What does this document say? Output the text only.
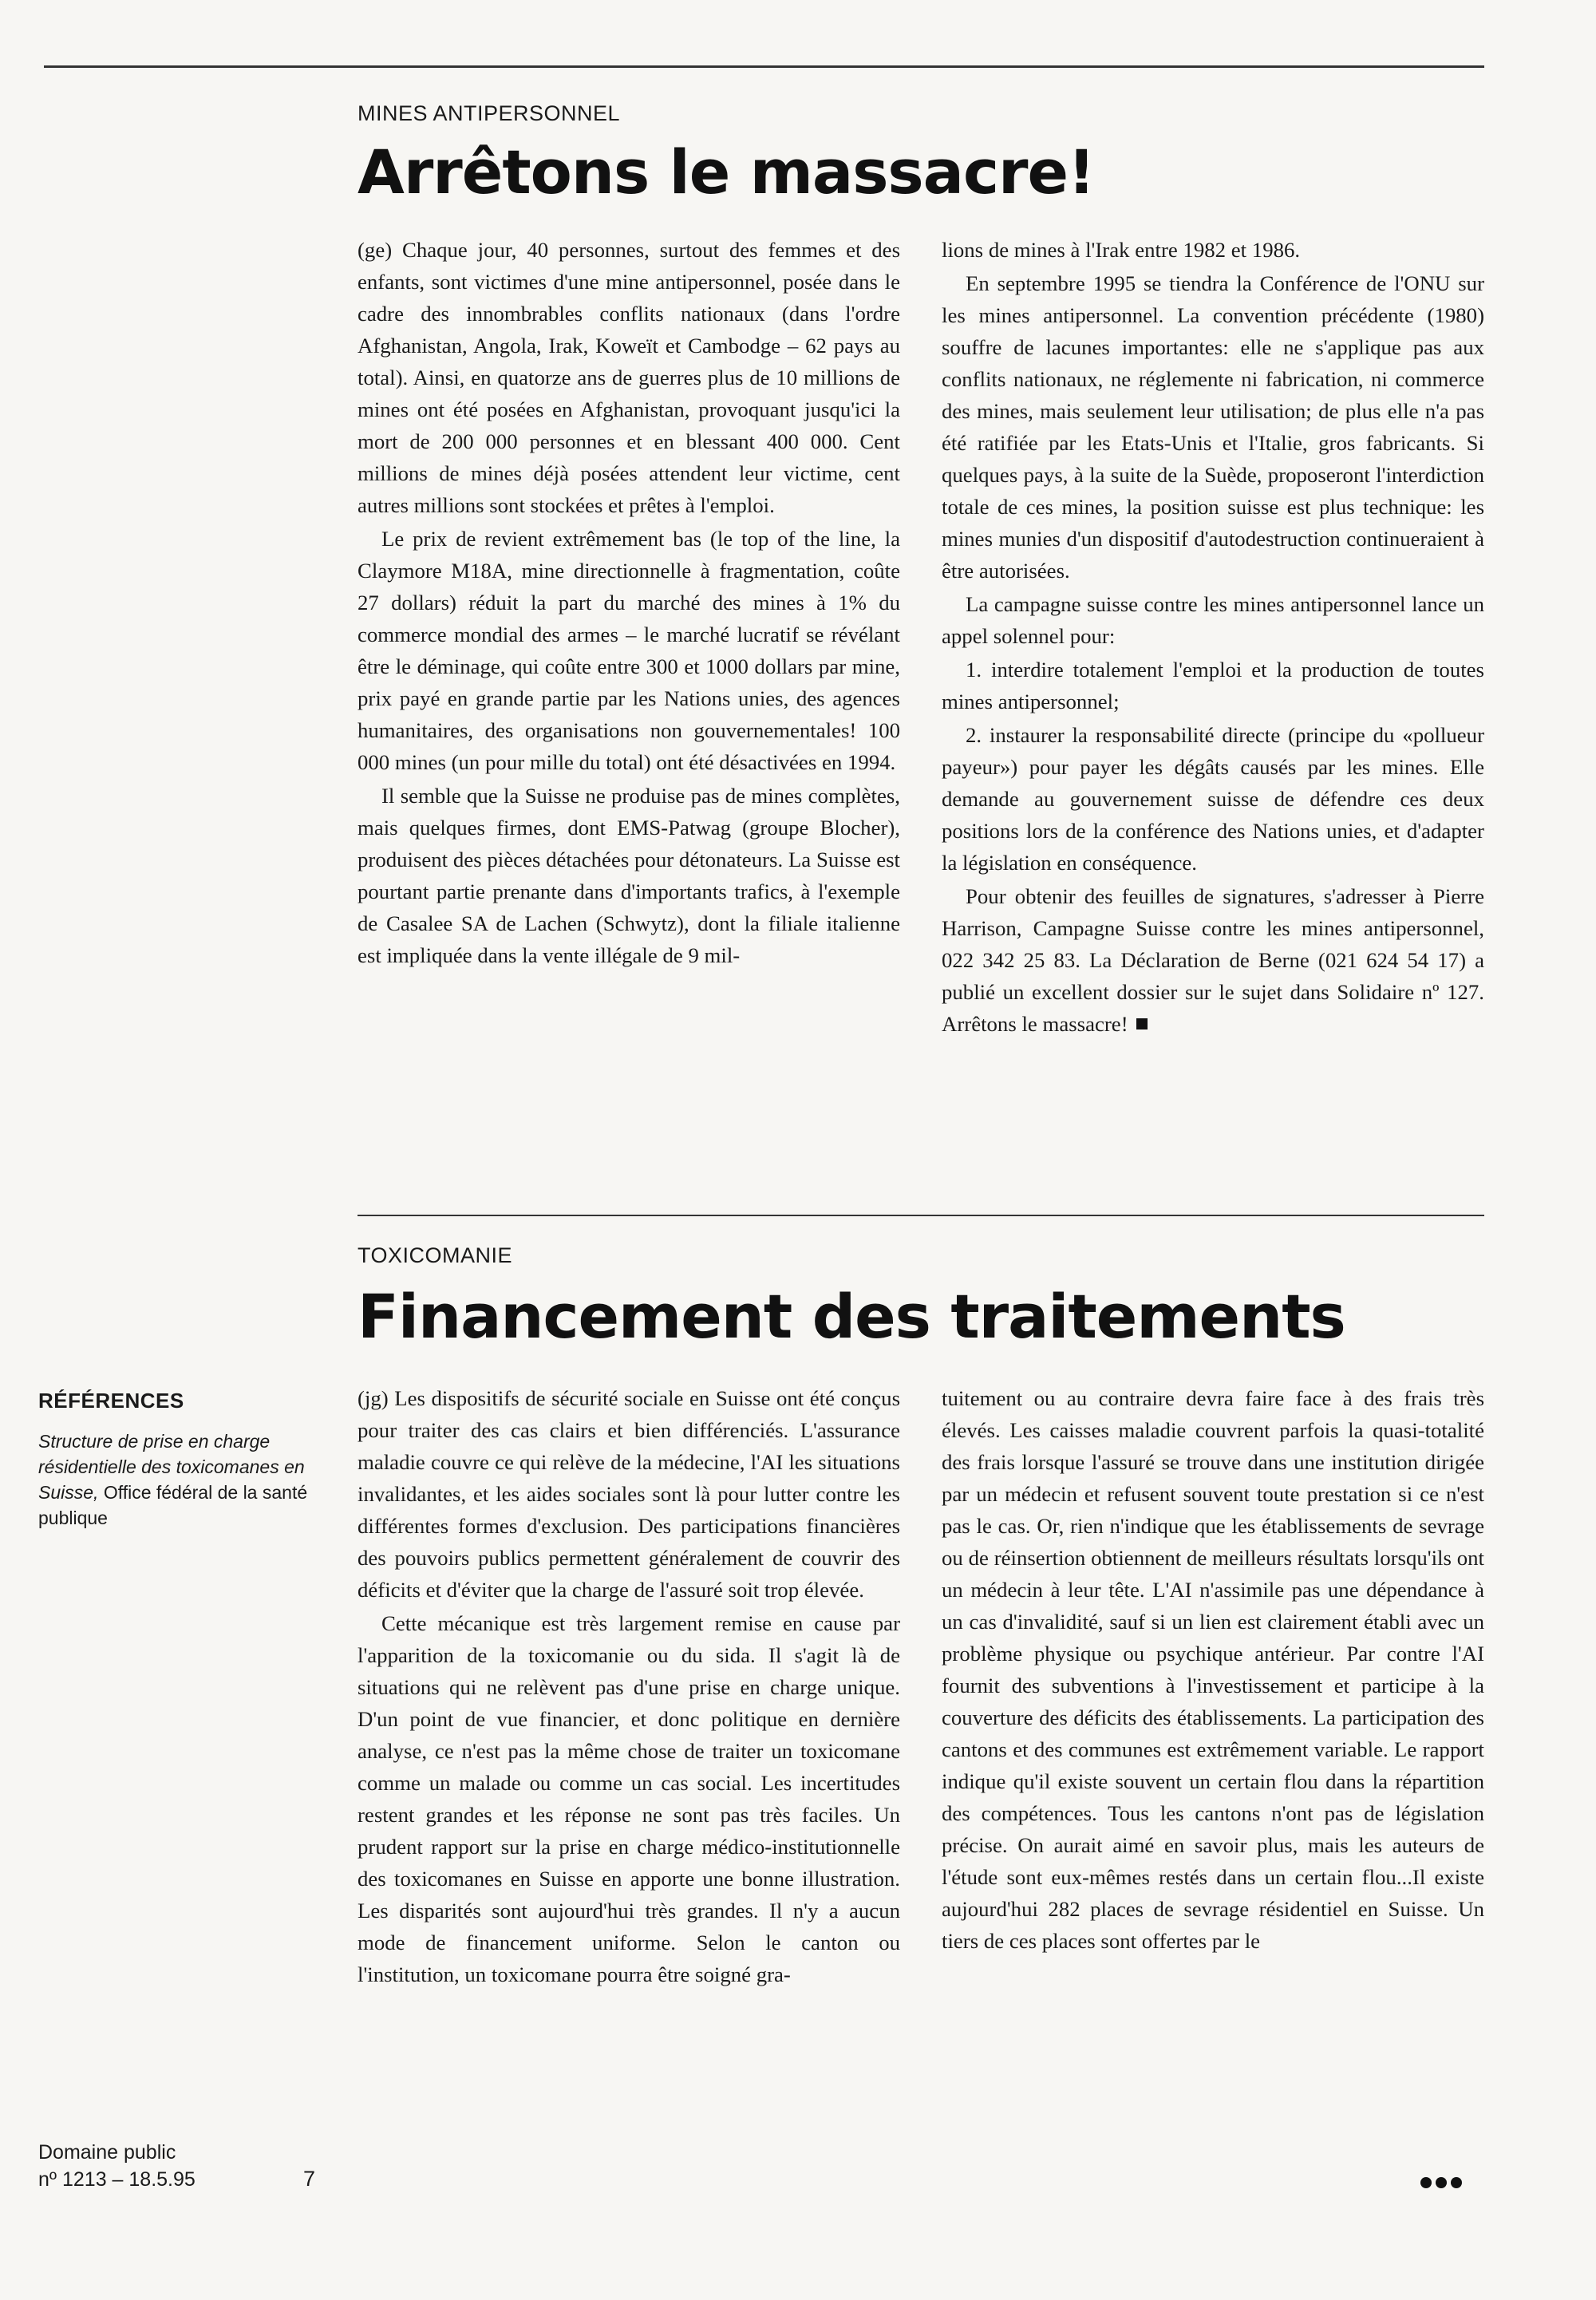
MINES ANTIPERSONNEL
Arrêtons le massacre!

(ge) Chaque jour, 40 personnes, surtout des femmes et des enfants, sont victimes d'une mine antipersonnel, posée dans le cadre des innombrables conflits nationaux (dans l'ordre Afghanistan, Angola, Irak, Koweït et Cambodge – 62 pays au total). Ainsi, en quatorze ans de guerres plus de 10 millions de mines ont été posées en Afghanistan, provoquant jusqu'ici la mort de 200 000 personnes et en blessant 400 000. Cent millions de mines déjà posées attendent leur victime, cent autres millions sont stockées et prêtes à l'emploi.

Le prix de revient extrêmement bas (le top of the line, la Claymore M18A, mine directionnelle à fragmentation, coûte 27 dollars) réduit la part du marché des mines à 1% du commerce mondial des armes – le marché lucratif se révélant être le déminage, qui coûte entre 300 et 1000 dollars par mine, prix payé en grande partie par les Nations unies, des agences humanitaires, des organisations non gouvernementales! 100 000 mines (un pour mille du total) ont été désactivées en 1994.

Il semble que la Suisse ne produise pas de mines complètes, mais quelques firmes, dont EMS-Patwag (groupe Blocher), produisent des pièces détachées pour détonateurs. La Suisse est pourtant partie prenante dans d'importants trafics, à l'exemple de Casalee SA de Lachen (Schwytz), dont la filiale italienne est impliquée dans la vente illégale de 9 mil-

lions de mines à l'Irak entre 1982 et 1986.

En septembre 1995 se tiendra la Conférence de l'ONU sur les mines antipersonnel. La convention précédente (1980) souffre de lacunes importantes: elle ne s'applique pas aux conflits nationaux, ne réglemente ni fabrication, ni commerce des mines, mais seulement leur utilisation; de plus elle n'a pas été ratifiée par les Etats-Unis et l'Italie, gros fabricants. Si quelques pays, à la suite de la Suède, proposeront l'interdiction totale de ces mines, la position suisse est plus technique: les mines munies d'un dispositif d'autodestruction continueraient à être autorisées.

La campagne suisse contre les mines antipersonnel lance un appel solennel pour:

1. interdire totalement l'emploi et la production de toutes mines antipersonnel;

2. instaurer la responsabilité directe (principe du «pollueur payeur») pour payer les dégâts causés par les mines. Elle demande au gouvernement suisse de défendre ces deux positions lors de la conférence des Nations unies, et d'adapter la législation en conséquence.

Pour obtenir des feuilles de signatures, s'adresser à Pierre Harrison, Campagne Suisse contre les mines antipersonnel, 022 342 25 83. La Déclaration de Berne (021 624 54 17) a publié un excellent dossier sur le sujet dans Solidaire nº 127. Arrêtons le massacre!

TOXICOMANIE
Financement des traitements

(jg) Les dispositifs de sécurité sociale en Suisse ont été conçus pour traiter des cas clairs et bien différenciés. L'assurance maladie couvre ce qui relève de la médecine, l'AI les situations invalidantes, et les aides sociales sont là pour lutter contre les différentes formes d'exclusion. Des participations financières des pouvoirs publics permettent généralement de couvrir des déficits et d'éviter que la charge de l'assuré soit trop élevée.

Cette mécanique est très largement remise en cause par l'apparition de la toxicomanie ou du sida. Il s'agit là de situations qui ne relèvent pas d'une prise en charge unique. D'un point de vue financier, et donc politique en dernière analyse, ce n'est pas la même chose de traiter un toxicomane comme un malade ou comme un cas social. Les incertitudes restent grandes et les réponse ne sont pas très faciles. Un prudent rapport sur la prise en charge médico-institutionnelle des toxicomanes en Suisse en apporte une bonne illustration. Les disparités sont aujourd'hui très grandes. Il n'y a aucun mode de financement uniforme. Selon le canton ou l'institution, un toxicomane pourra être soigné gra-

tuitement ou au contraire devra faire face à des frais très élevés. Les caisses maladie couvrent parfois la quasi-totalité des frais lorsque l'assuré se trouve dans une institution dirigée par un médecin et refusent souvent toute prestation si ce n'est pas le cas. Or, rien n'indique que les établissements de sevrage ou de réinsertion obtiennent de meilleurs résultats lorsqu'ils ont un médecin à leur tête. L'AI n'assimile pas une dépendance à un cas d'invalidité, sauf si un lien est clairement établi avec un problème physique ou psychique antérieur. Par contre l'AI fournit des subventions à l'investissement et participe à la couverture des déficits des établissements. La participation des cantons et des communes est extrêmement variable. Le rapport indique qu'il existe souvent un certain flou dans la répartition des compétences. Tous les cantons n'ont pas de législation précise. On aurait aimé en savoir plus, mais les auteurs de l'étude sont eux-mêmes restés dans un certain flou...Il existe aujourd'hui 282 places de sevrage résidentiel en Suisse. Un tiers de ces places sont offertes par le

RÉFÉRENCES
Structure de prise en charge résidentielle des toxicomanes en Suisse, Office fédéral de la santé publique
Domaine public
nº 1213 – 18.5.95	7
